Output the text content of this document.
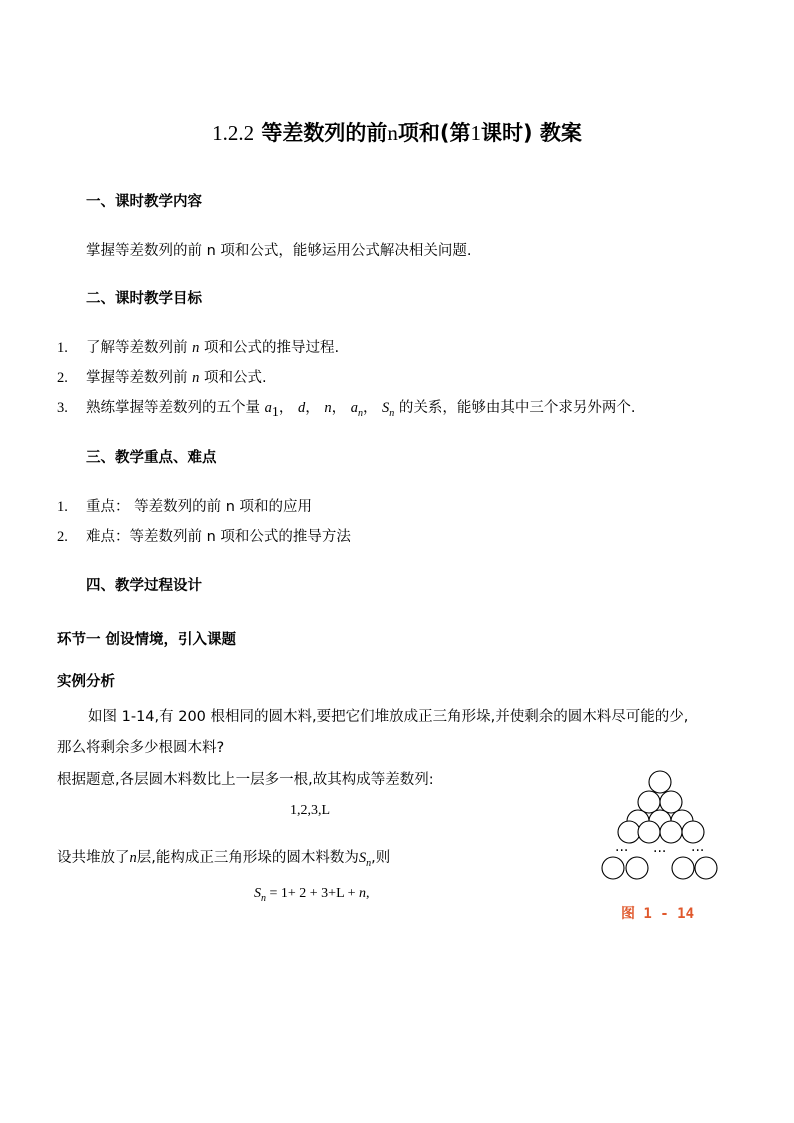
1.2.2 等差数列的前n项和(第1课时) 教案
一、课时教学内容
掌握等差数列的前 n 项和公式，能够运用公式解决相关问题.
二、课时教学目标
1. 了解等差数列前 n 项和公式的推导过程.
2. 掌握等差数列前 n 项和公式.
3. 熟练掌握等差数列的五个量 $a_1$， d， n， $a_n$， $S_n$ 的关系，能够由其中三个求另外两个.
三、教学重点、难点
1. 重点： 等差数列的前 n 项和的应用
2. 难点：等差数列前 n 项和公式的推导方法
四、教学过程设计
环节一 创设情境，引入课题
实例分析
如图 1-14,有 200 根相同的圆木料,要把它们堆放成正三角形垛,并使剩余的圆木料尽可能的少,
那么将剩余多少根圆木料?
根据题意,各层圆木料数比上一层多一根,故其构成等差数列:
1,2,3,L
设共堆放了n层,能构成正三角形垛的圆木料数为$S_n$,则
$S_n = 1+ 2 + 3+L + n$,
··· ··· ···
图 1 - 14
